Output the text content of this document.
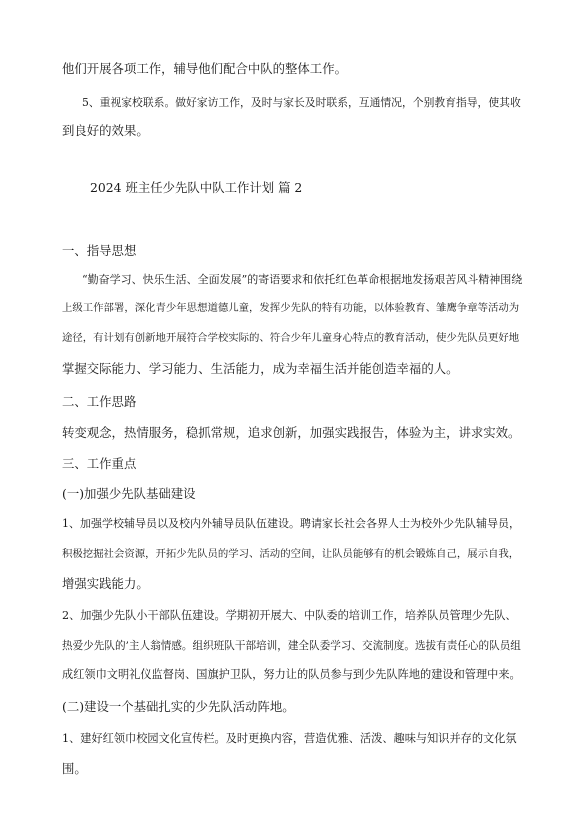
他们开展各项工作，辅导他们配合中队的整体工作。
5、重视家校联系。做好家访工作，及时与家长及时联系，互通情况，个别教育指导，使其收
到良好的效果。
2024 班主任少先队中队工作计划 篇 2
一、指导思想
“勤奋学习、快乐生活、全面发展”的寄语要求和依托红色革命根据地发扬艰苦风斗精神围绕
上级工作部署，深化青少年思想道德儿童，发挥少先队的特有功能，以体验教育、雏鹰争章等活动为
途径，有计划有创新地开展符合学校实际的、符合少年儿童身心特点的教育活动，使少先队员更好地
掌握交际能力、学习能力、生活能力，成为幸福生活并能创造幸福的人。
二、工作思路
转变观念，热情服务，稳抓常规，追求创新，加强实践报告，体验为主，讲求实效。
三、工作重点
(一)加强少先队基础建设
1、加强学校辅导员以及校内外辅导员队伍建设。聘请家长社会各界人士为校外少先队辅导员，
积极挖掘社会资源，开拓少先队员的学习、活动的空间，让队员能够有的机会锻炼自己，展示自我，
增强实践能力。
2、加强少先队小干部队伍建设。学期初开展大、中队委的培训工作，培养队员管理少先队、
热爱少先队的’主人翁情感。组织班队干部培训，建全队委学习、交流制度。选拔有责任心的队员组
成红领巾文明礼仪监督岗、国旗护卫队，努力让的队员参与到少先队阵地的建设和管理中来。
(二)建设一个基础扎实的少先队活动阵地。
1、建好红领巾校园文化宣传栏。及时更换内容，营造优雅、活泼、趣味与知识并存的文化氛
围。
